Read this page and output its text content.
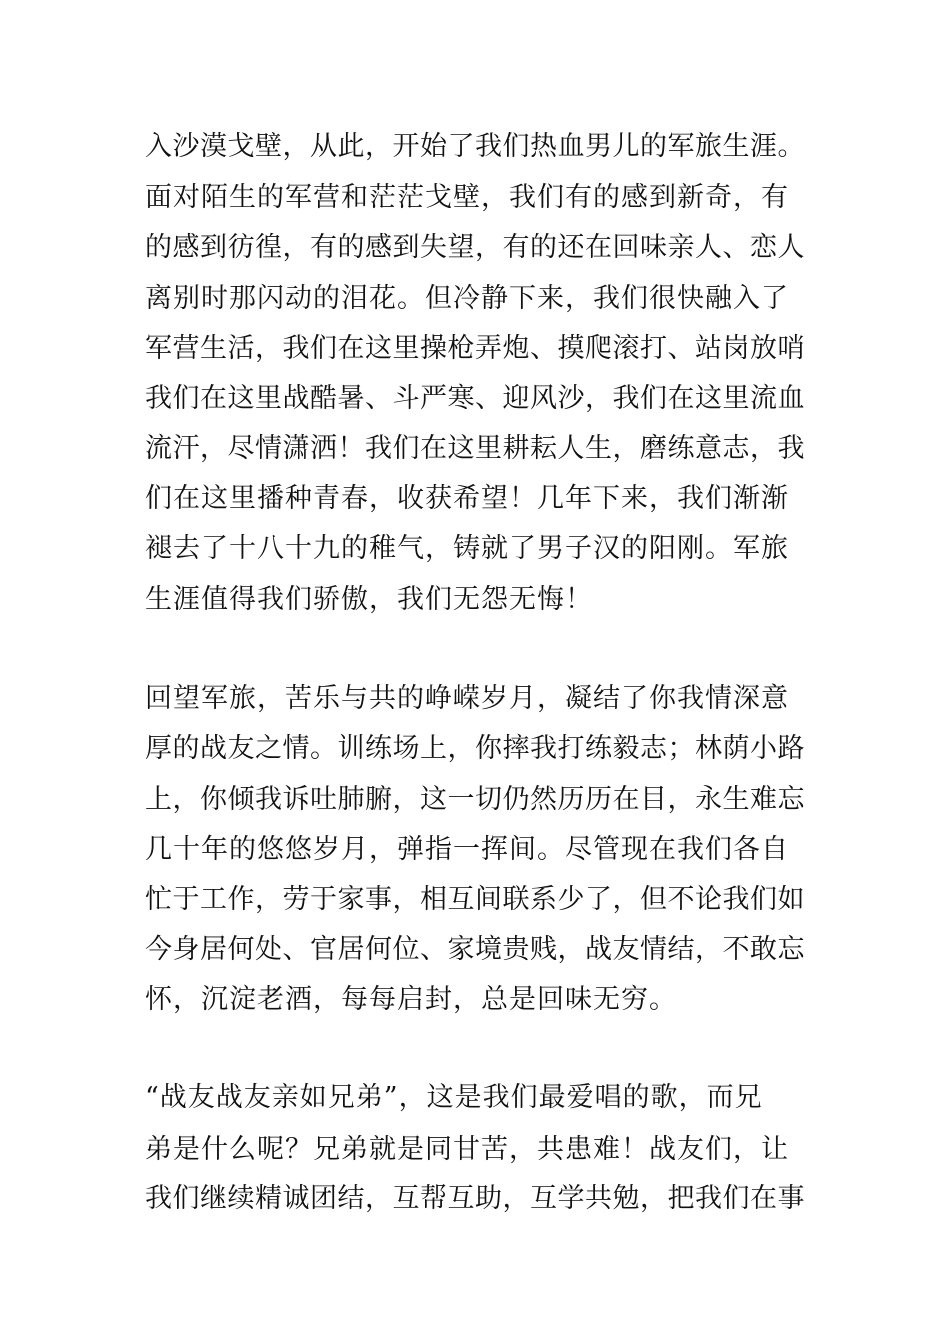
入沙漠戈壁，从此，开始了我们热血男儿的军旅生涯。
面对陌生的军营和茫茫戈壁，我们有的感到新奇，有
的感到彷徨，有的感到失望，有的还在回味亲人、恋人
离别时那闪动的泪花。但冷静下来，我们很快融入了
军营生活，我们在这里操枪弄炮、摸爬滚打、站岗放哨
我们在这里战酷暑、斗严寒、迎风沙，我们在这里流血
流汗，尽情潇洒！我们在这里耕耘人生，磨练意志，我
们在这里播种青春，收获希望！几年下来，我们渐渐
褪去了十八十九的稚气，铸就了男子汉的阳刚。军旅
生涯值得我们骄傲，我们无怨无悔！
回望军旅，苦乐与共的峥嵘岁月，凝结了你我情深意
厚的战友之情。训练场上，你摔我打练毅志；林荫小路
上，你倾我诉吐肺腑，这一切仍然历历在目，永生难忘
几十年的悠悠岁月，弹指一挥间。尽管现在我们各自
忙于工作，劳于家事，相互间联系少了，但不论我们如
今身居何处、官居何位、家境贵贱，战友情结，不敢忘
怀，沉淀老酒，每每启封，总是回味无穷。
“战友战友亲如兄弟”，这是我们最爱唱的歌，而兄
弟是什么呢？兄弟就是同甘苦，共患难！战友们，让
我们继续精诚团结，互帮互助，互学共勉，把我们在事
